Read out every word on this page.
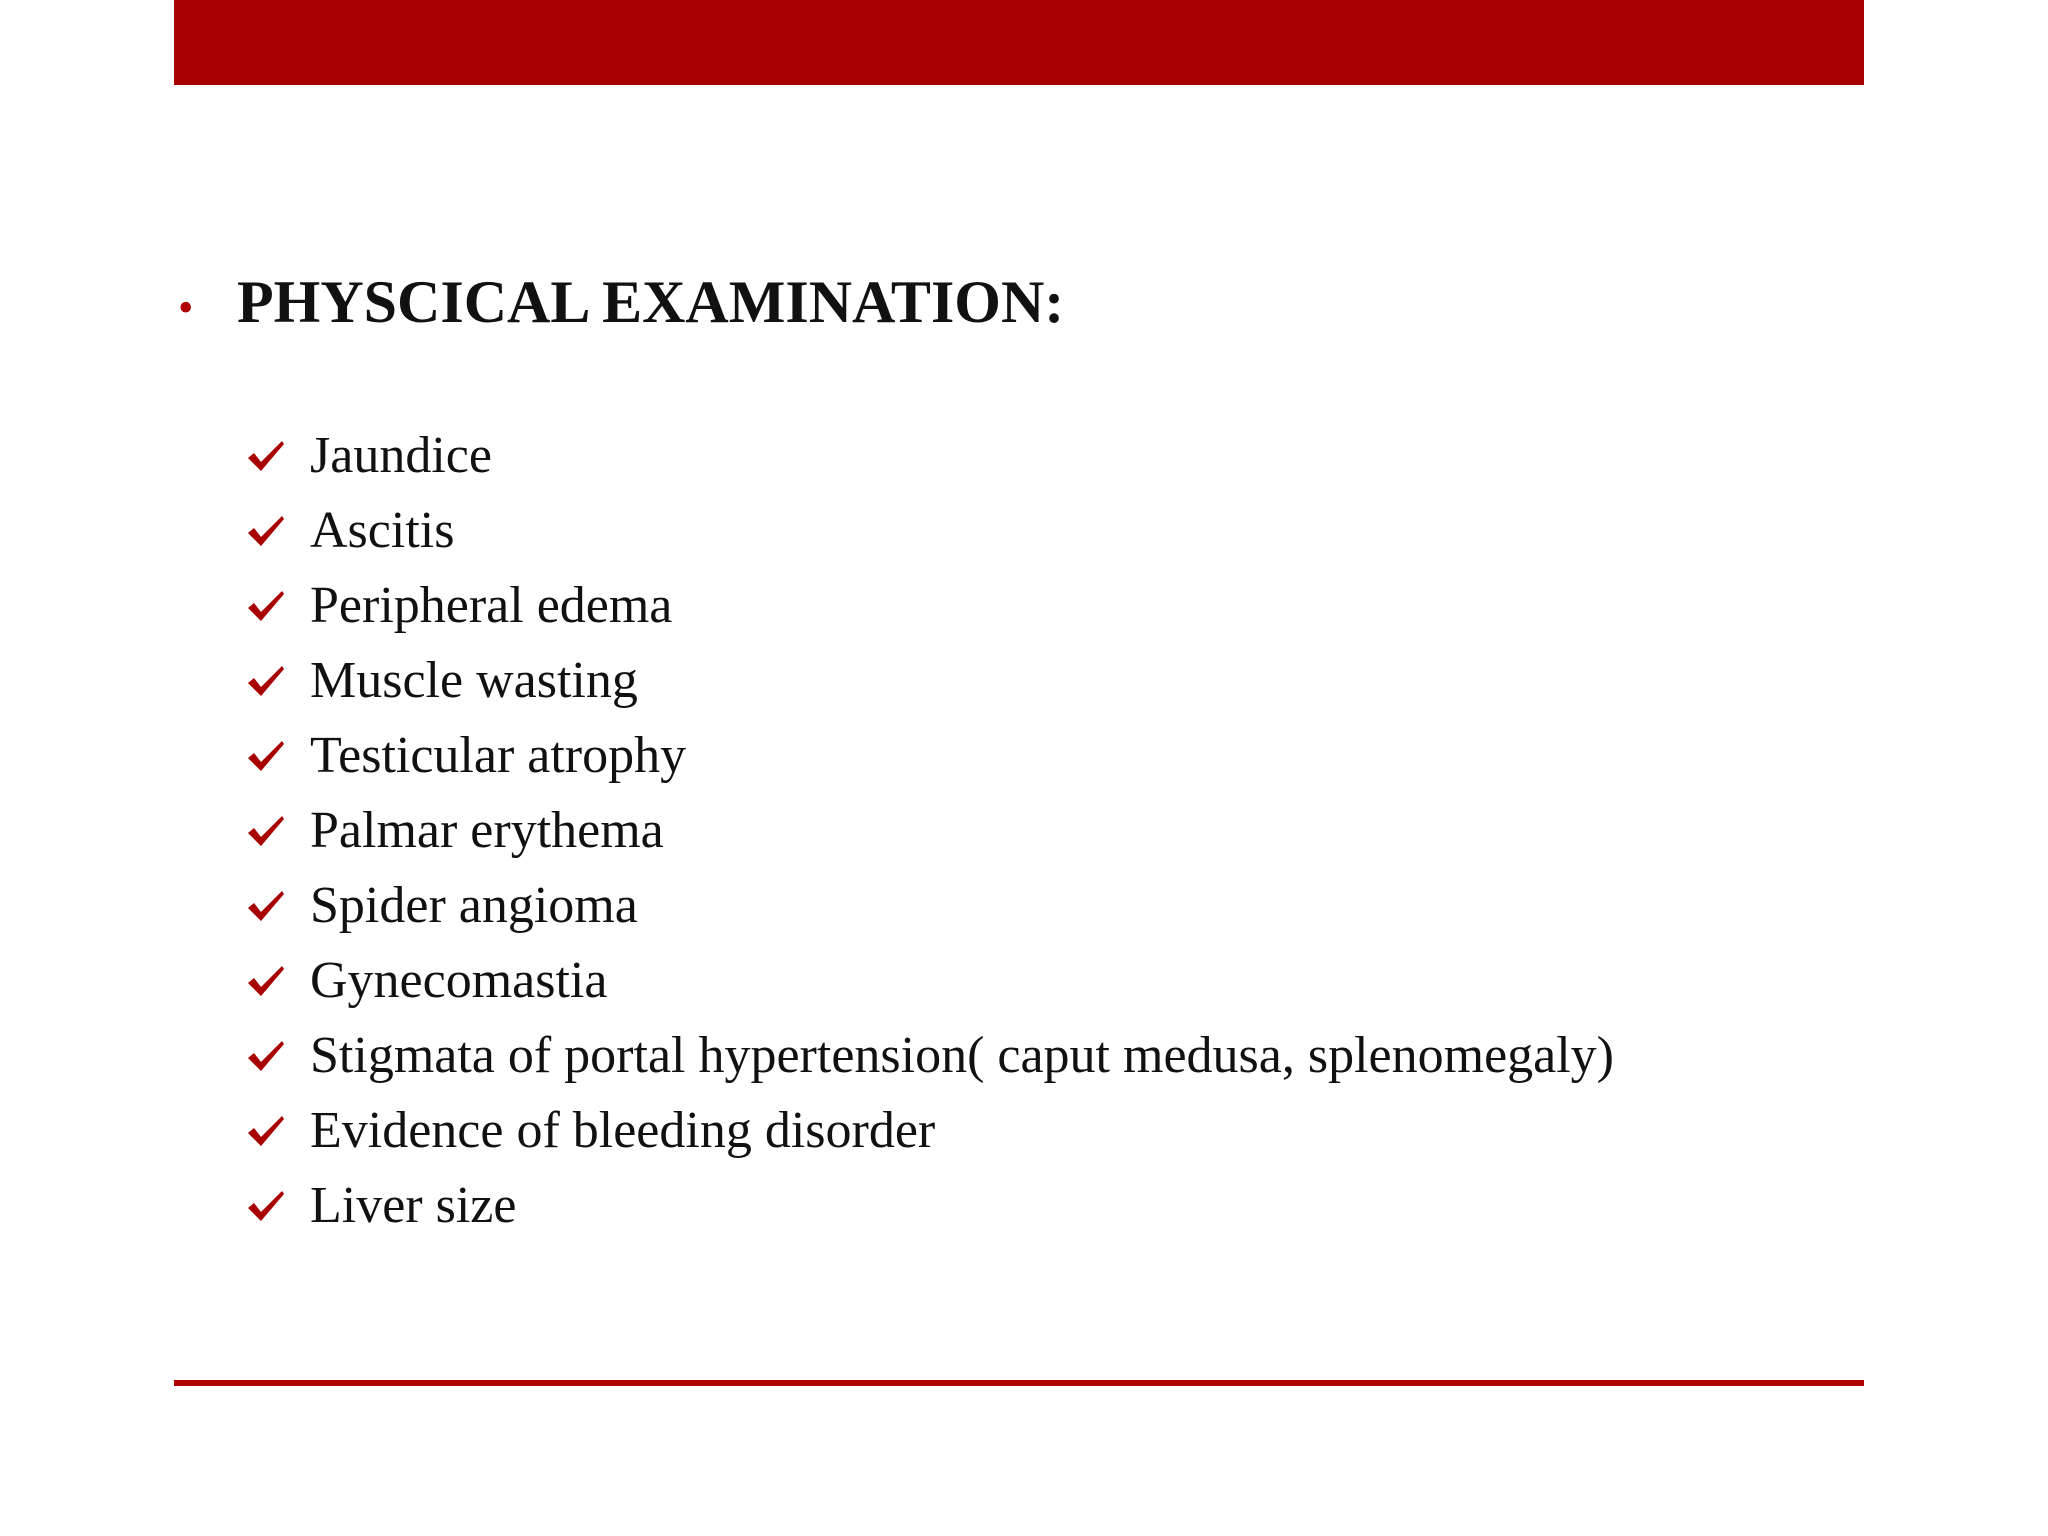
• PHYSCICAL EXAMINATION:
Jaundice
Ascitis
Peripheral edema
Muscle wasting
Testicular atrophy
Palmar erythema
Spider angioma
Gynecomastia
Stigmata of portal hypertension( caput medusa, splenomegaly)
Evidence of bleeding disorder
Liver size
